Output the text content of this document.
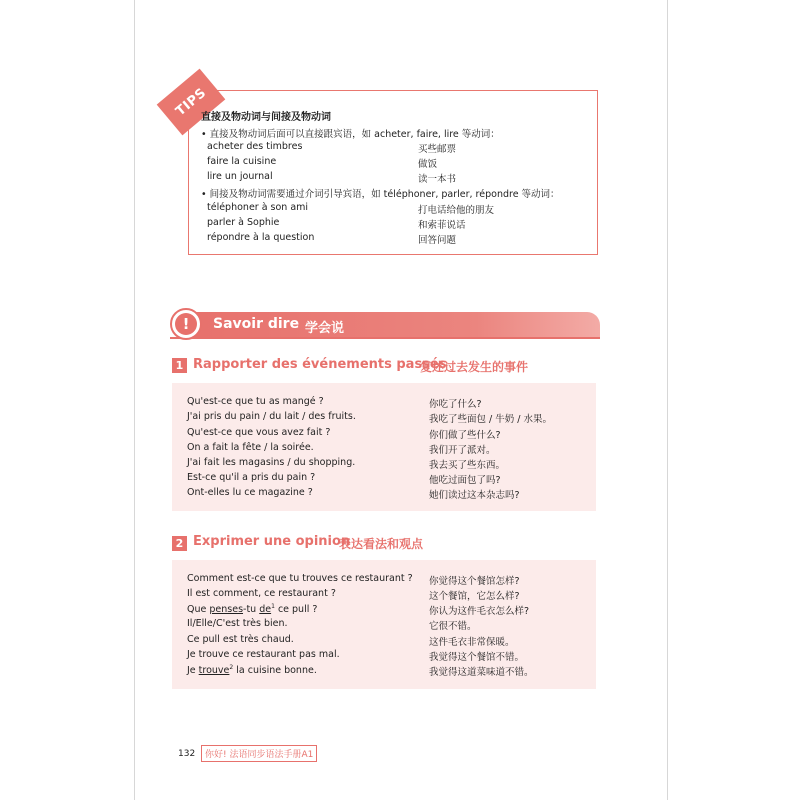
TIPS
直接及物动词与间接及物动词
• 直接及物动词后面可以直接跟宾语，如 acheter, faire, lire 等动词：
acheter des timbres	买些邮票
faire la cuisine	做饭
lire un journal	读一本书
• 间接及物动词需要通过介词引导宾语，如 téléphoner, parler, répondre 等动词：
téléphoner à son ami	打电话给他的朋友
parler à Sophie	和索菲说话
répondre à la question	回答问题
!	Savoir dire 学会说
1 Rapporter des événements passés
复述过去发生的事件
Qu'est-ce que tu as mangé ?	你吃了什么?
J'ai pris du pain / du lait / des fruits.	我吃了些面包 / 牛奶 / 水果。
Qu'est-ce que vous avez fait ?	你们做了些什么?
On a fait la fête / la soirée.	我们开了派对。
J'ai fait les magasins / du shopping.	我去买了些东西。
Est-ce qu'il a pris du pain ?	他吃过面包了吗?
Ont-elles lu ce magazine ?	她们读过这本杂志吗?
2 Exprimer une opinion
表达看法和观点
Comment est-ce que tu trouves ce restaurant ? 你觉得这个餐馆怎样?
Il est comment, ce restaurant ?	这个餐馆，它怎么样?
Que penses-tu $de^1$ ce pull ?	你认为这件毛衣怎么样?
Il/Elle/C'est très bien.	它很不错。
Ce pull est très chaud.	这件毛衣非常保暖。
Je trouve ce restaurant pas mal.	我觉得这个餐馆不错。
Je trouve$^2$ la cuisine bonne.	我觉得这道菜味道不错。
132	你好! 法语同步语法手册A1
